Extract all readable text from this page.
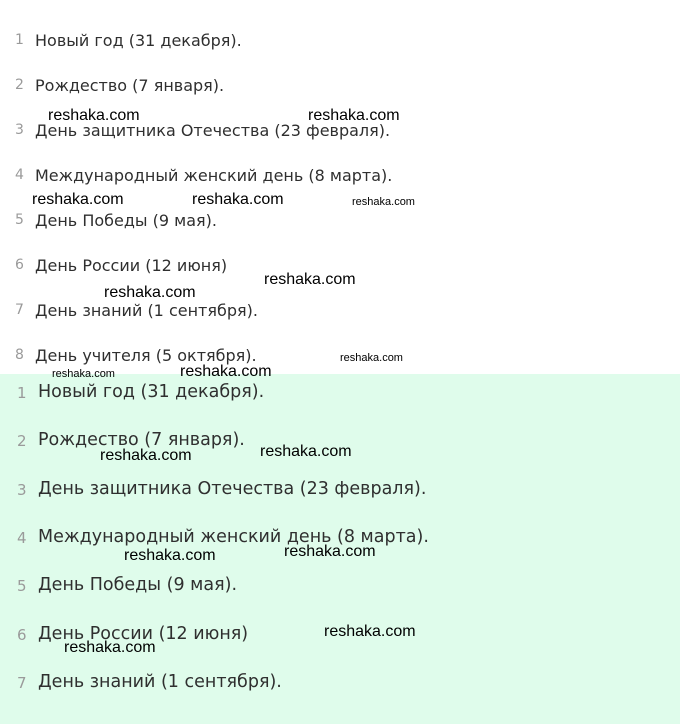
1 Новый год (31 декабря).
2 Рождество (7 января).
3 День защитника Отечества (23 февраля).
4 Международный женский день (8 марта).
5 День Победы (9 мая).
6 День России (12 июня)
7 День знаний (1 сентября).
8 День учителя (5 октября).
1 Новый год (31 декабря).
2 Рождество (7 января).
3 День защитника Отечества (23 февраля).
4 Международный женский день (8 марта).
5 День Победы (9 мая).
6 День России (12 июня)
7 День знаний (1 сентября).
reshaka.com	reshaka.com
reshaka.com	reshaka.com	reshaka.com
reshaka.com
reshaka.com
reshaka.com
reshaka.com	reshaka.com
reshaka.com
reshaka.com
reshaka.com
reshaka.com
reshaka.com
reshaka.com
